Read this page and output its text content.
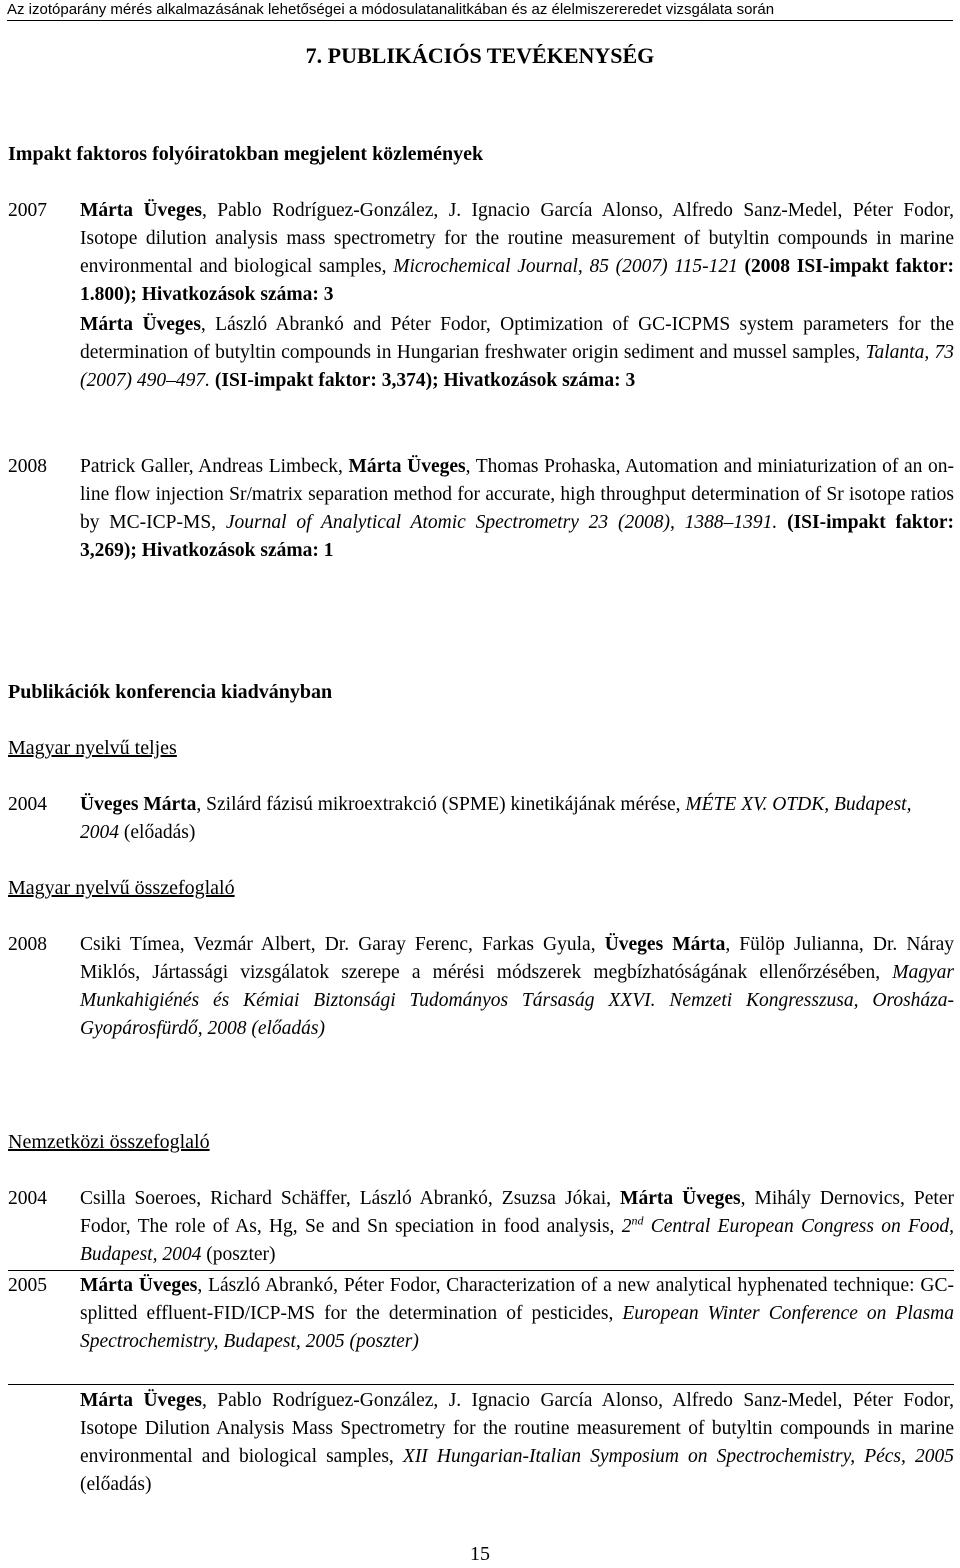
Az izotóparány mérés alkalmazásának lehetőségei a módosulatanalitkában és az élelmiszereredet vizsgálata során
7. PUBLIKÁCIÓS TEVÉKENYSÉG
Impakt faktoros folyóiratokban megjelent közlemények
2007	Márta Üveges, Pablo Rodríguez-González, J. Ignacio García Alonso, Alfredo Sanz-Medel, Péter Fodor, Isotope dilution analysis mass spectrometry for the routine measurement of butyltin compounds in marine environmental and biological samples, Microchemical Journal, 85 (2007) 115-121 (2008 ISI-impakt faktor: 1.800); Hivatkozások száma: 3

Márta Üveges, László Abrankó and Péter Fodor, Optimization of GC-ICPMS system parameters for the determination of butyltin compounds in Hungarian freshwater origin sediment and mussel samples, Talanta, 73 (2007) 490–497. (ISI-impakt faktor: 3,374); Hivatkozások száma: 3

2008	Patrick Galler, Andreas Limbeck, Márta Üveges, Thomas Prohaska, Automation and miniaturization of an on-line flow injection Sr/matrix separation method for accurate, high throughput determination of Sr isotope ratios by MC-ICP-MS, Journal of Analytical Atomic Spectrometry 23 (2008), 1388–1391. (ISI-impakt faktor: 3,269); Hivatkozások száma: 1

Publikációk konferencia kiadványban
Magyar nyelvű teljes
2004	Üveges Márta, Szilárd fázisú mikroextrakció (SPME) kinetikájának mérése, MÉTE XV. OTDK, Budapest, 2004 (előadás)
Magyar nyelvű összefoglaló
2008	Csiki Tímea, Vezmár Albert, Dr. Garay Ferenc, Farkas Gyula, Üveges Márta, Fülöp Julianna, Dr. Náray Miklós, Jártassági vizsgálatok szerepe a mérési módszerek megbízhatóságának ellenőrzésében, Magyar Munkahigiénés és Kémiai Biztonsági Tudományos Társaság XXVI. Nemzeti Kongresszusa, Orosháza-Gyopárosfürdő, 2008 (előadás)
Nemzetközi összefoglaló
2004	Csilla Soeroes, Richard Schäffer, László Abrankó, Zsuzsa Jókai, Márta Üveges, Mihály Dernovics, Peter Fodor, The role of As, Hg, Se and Sn speciation in food analysis, 2nd Central European Congress on Food, Budapest, 2004 (poszter)
2005	Márta Üveges, László Abrankó, Péter Fodor, Characterization of a new analytical hyphenated technique: GC-splitted effluent-FID/ICP-MS for the determination of pesticides, European Winter Conference on Plasma Spectrochemistry, Budapest, 2005 (poszter)
Márta Üveges, Pablo Rodríguez-González, J. Ignacio García Alonso, Alfredo Sanz-Medel, Péter Fodor, Isotope Dilution Analysis Mass Spectrometry for the routine measurement of butyltin compounds in marine environmental and biological samples, XII Hungarian-Italian Symposium on Spectrochemistry, Pécs, 2005 (előadás)
15
